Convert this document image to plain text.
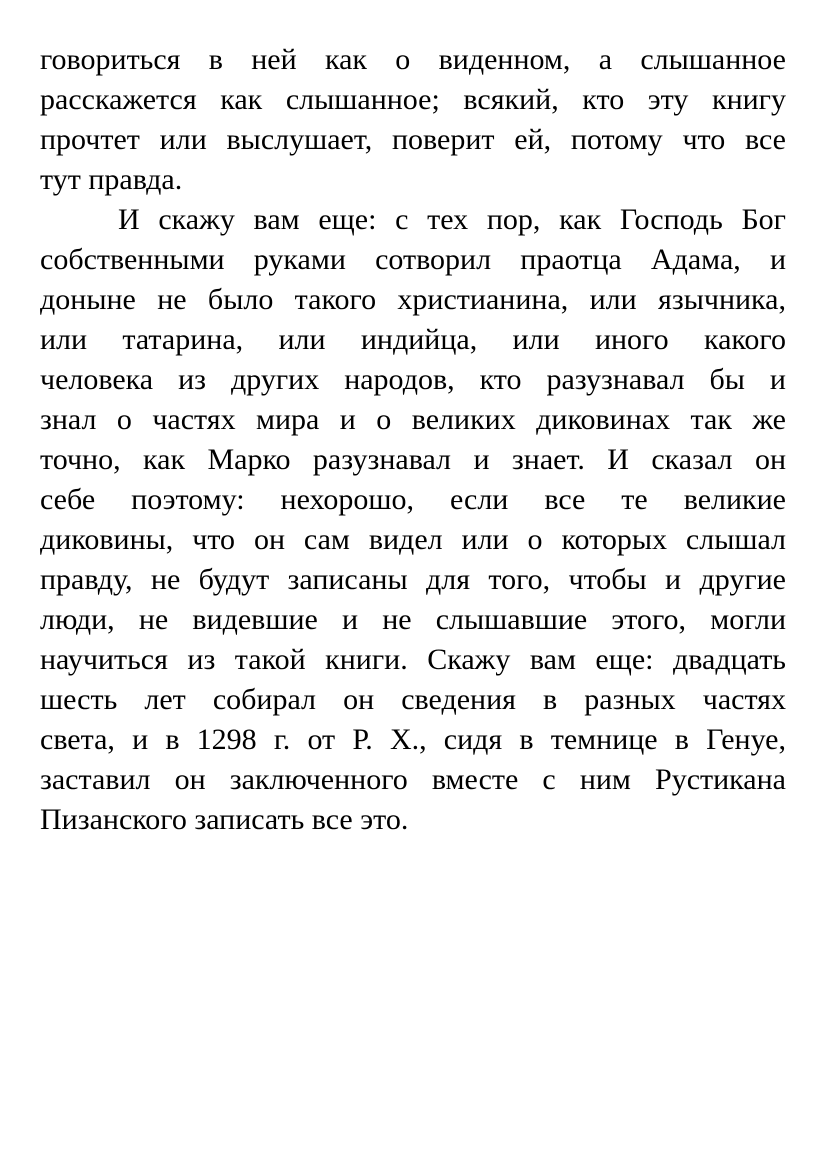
говориться в ней как о виденном, а слышанное
расскажется как слышанное; всякий, кто эту книгу
прочтет или выслушает, поверит ей, потому что все
тут правда.
И скажу вам еще: с тех пор, как Господь Бог
собственными руками сотворил праотца Адама, и
доныне не было такого христианина, или язычника,
или татарина, или индийца, или иного какого
человека из других народов, кто разузнавал бы и
знал о частях мира и о великих диковинах так же
точно, как Марко разузнавал и знает. И сказал он
себе поэтому: нехорошо, если все те великие
диковины, что он сам видел или о которых слышал
правду, не будут записаны для того, чтобы и другие
люди, не видевшие и не слышавшие этого, могли
научиться из такой книги. Скажу вам еще: двадцать
шесть лет собирал он сведения в разных частях
света, и в 1298 г. от Р. Х., сидя в темнице в Генуе,
заставил он заключенного вместе с ним Рустикана
Пизанского записать все это.
